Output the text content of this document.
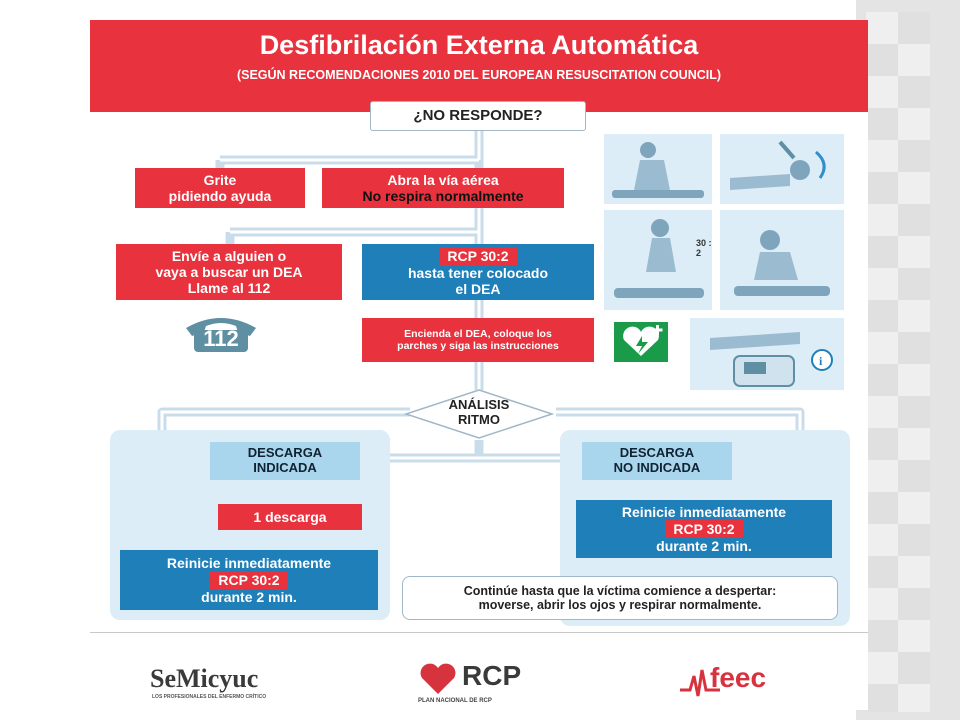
Desfibrilación Externa Automática
(SEGÚN RECOMENDACIONES 2010 DEL EUROPEAN RESUSCITATION COUNCIL)
¿NO RESPONDE?
Grite
pidiendo ayuda
Abra la vía aérea
No respira normalmente
Envíe a alguien o
vaya a buscar un DEA
Llame al 112
RCP 30:2
hasta tener colocado
el DEA
112	Encienda el DEA, coloque los
parches y siga las instrucciones
ANÁLISIS
RITMO
DESCARGA
INDICADA
DESCARGA
NO INDICADA
1 descarga
Reinicie inmediatamente
RCP 30:2
durante 2 min.
Reinicie inmediatamente
RCP 30:2
durante 2 min.
Continúe hasta que la víctima comience a despertar:
moverse, abrir los ojos y respirar normalmente.
30 : 2
i
SeMicyuc
LOS PROFESIONALES DEL ENFERMO CRÍTICO
RCP
PLAN NACIONAL DE RCP
feec
